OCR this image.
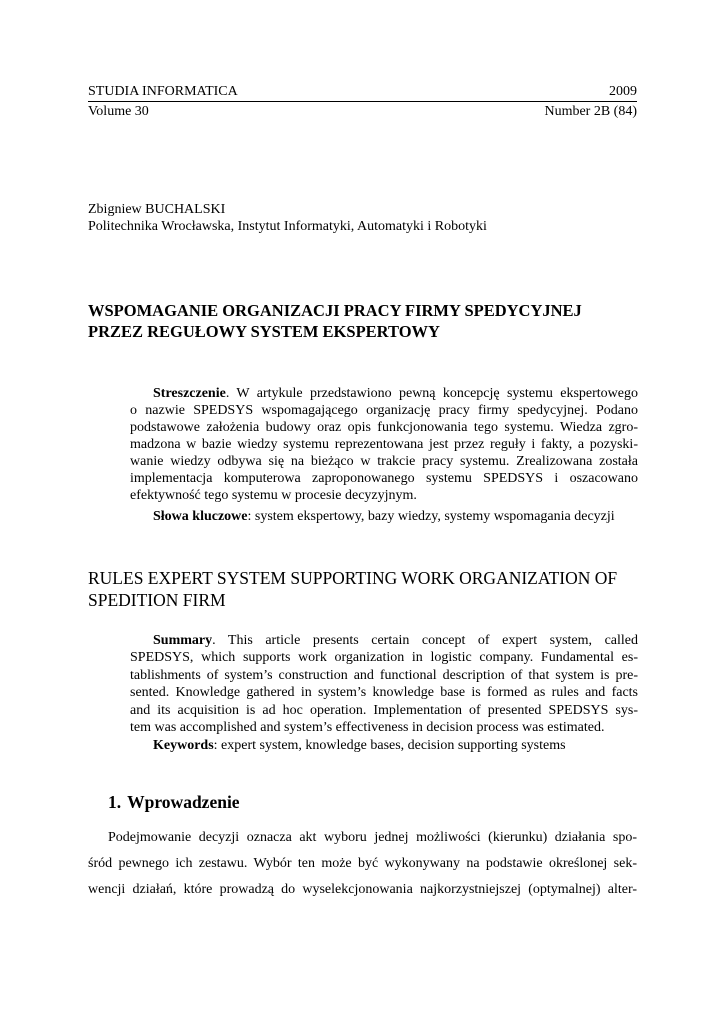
STUDIA INFORMATICA	2009
Volume 30	Number 2B (84)
Zbigniew BUCHALSKI
Politechnika Wrocławska, Instytut Informatyki, Automatyki i Robotyki
WSPOMAGANIE ORGANIZACJI PRACY FIRMY SPEDYCYJNEJ
PRZEZ REGUŁOWY SYSTEM EKSPERTOWY
Streszczenie. W artykule przedstawiono pewną koncepcję systemu ekspertowego
o nazwie SPEDSYS wspomagającego organizację pracy firmy spedycyjnej. Podano
podstawowe założenia budowy oraz opis funkcjonowania tego systemu. Wiedza zgro-
madzona w bazie wiedzy systemu reprezentowana jest przez reguły i fakty, a pozyski-
wanie wiedzy odbywa się na bieżąco w trakcie pracy systemu. Zrealizowana została
implementacja komputerowa zaproponowanego systemu SPEDSYS i oszacowano
efektywność tego systemu w procesie decyzyjnym.
Słowa kluczowe: system ekspertowy, bazy wiedzy, systemy wspomagania decyzji
RULES EXPERT SYSTEM SUPPORTING WORK ORGANIZATION OF
SPEDITION FIRM
Summary. This article presents certain concept of expert system, called
SPEDSYS, which supports work organization in logistic company. Fundamental es-
tablishments of system’s construction and functional description of that system is pre-
sented. Knowledge gathered in system’s knowledge base is formed as rules and facts
and its acquisition is ad hoc operation. Implementation of presented SPEDSYS sys-
tem was accomplished and system’s effectiveness in decision process was estimated.
Keywords: expert system, knowledge bases, decision supporting systems
1. Wprowadzenie
Podejmowanie decyzji oznacza akt wyboru jednej możliwości (kierunku) działania spo-
śród pewnego ich zestawu. Wybór ten może być wykonywany na podstawie określonej sek-
wencji działań, które prowadzą do wyselekcjonowania najkorzystniejszej (optymalnej) alter-
